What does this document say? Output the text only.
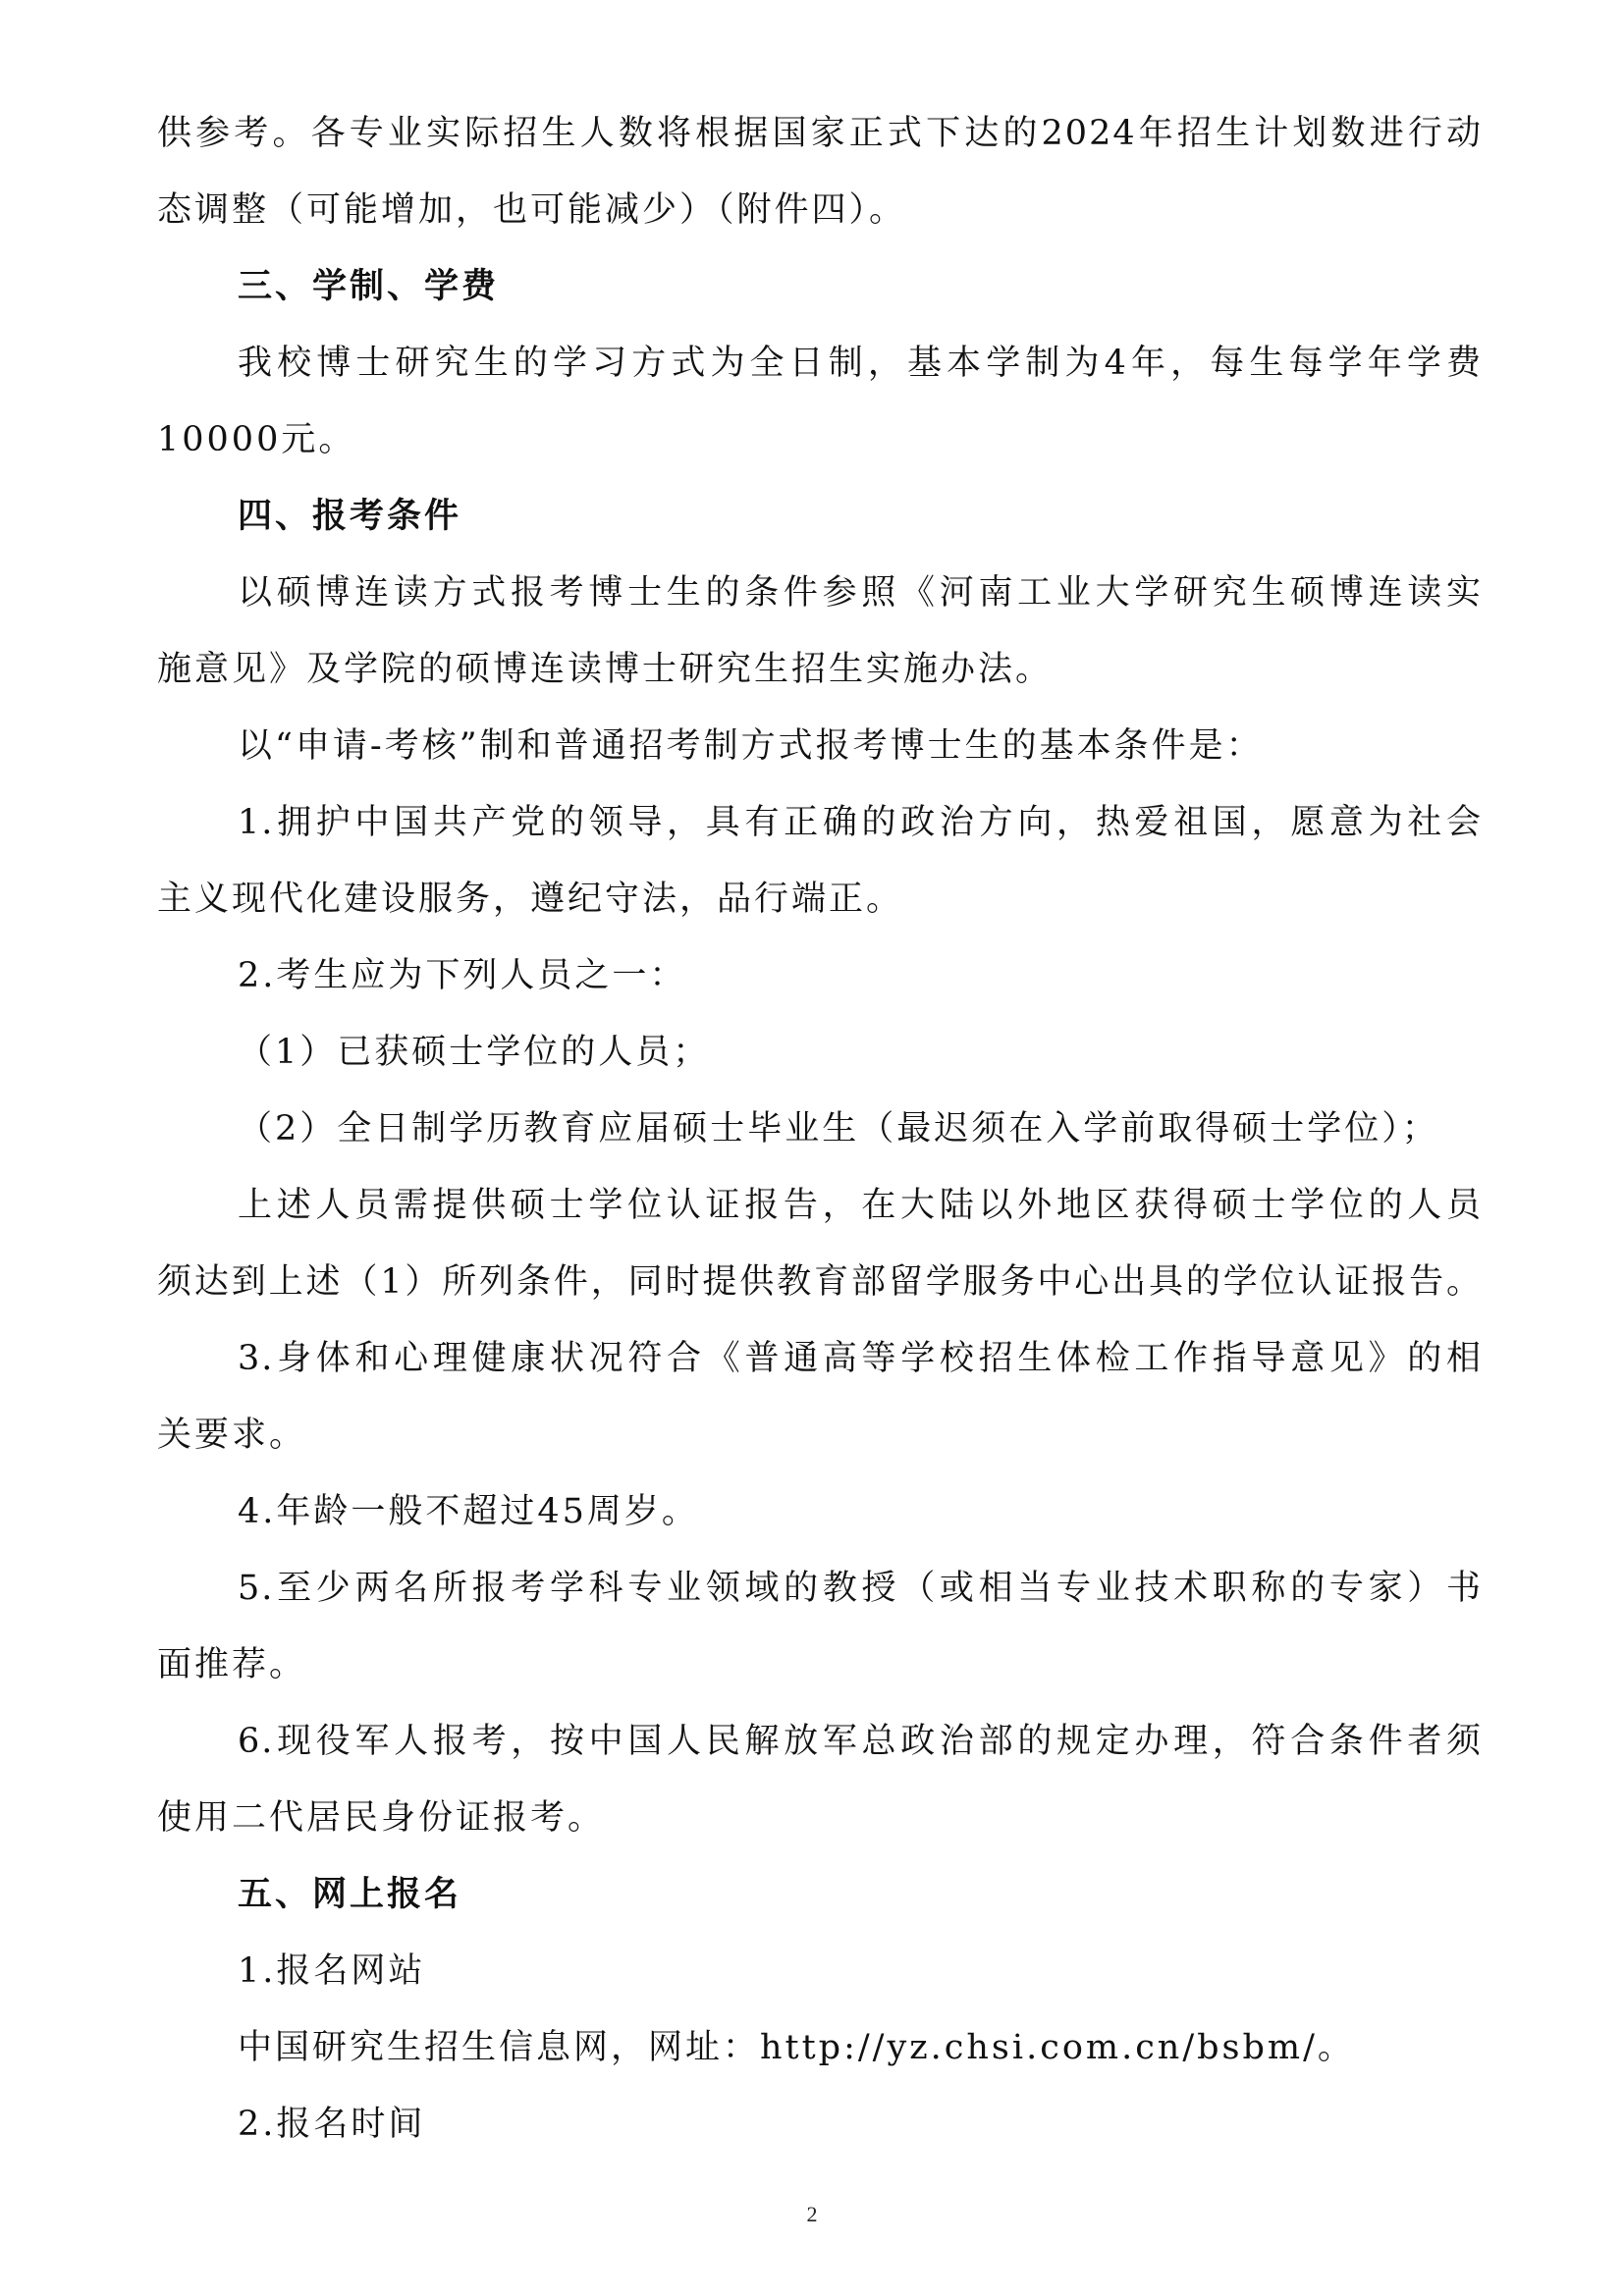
供参考。各专业实际招生人数将根据国家正式下达的2024年招生计划数进行动
态调整（可能增加，也可能减少）（附件四）。
三、学制、学费
我校博士研究生的学习方式为全日制，基本学制为4年，每生每学年学费
10000元。
四、报考条件
以硕博连读方式报考博士生的条件参照《河南工业大学研究生硕博连读实
施意见》及学院的硕博连读博士研究生招生实施办法。
以“申请-考核”制和普通招考制方式报考博士生的基本条件是：
1.拥护中国共产党的领导，具有正确的政治方向，热爱祖国，愿意为社会
主义现代化建设服务，遵纪守法，品行端正。
2.考生应为下列人员之一：
（1）已获硕士学位的人员；
（2）全日制学历教育应届硕士毕业生（最迟须在入学前取得硕士学位）；
上述人员需提供硕士学位认证报告，在大陆以外地区获得硕士学位的人员
须达到上述（1）所列条件，同时提供教育部留学服务中心出具的学位认证报告。
3.身体和心理健康状况符合《普通高等学校招生体检工作指导意见》的相
关要求。
4.年龄一般不超过45周岁。
5.至少两名所报考学科专业领域的教授（或相当专业技术职称的专家）书
面推荐。
6.现役军人报考，按中国人民解放军总政治部的规定办理，符合条件者须
使用二代居民身份证报考。
五、网上报名
1.报名网站
中国研究生招生信息网，网址：http://yz.chsi.com.cn/bsbm/。
2.报名时间
2
